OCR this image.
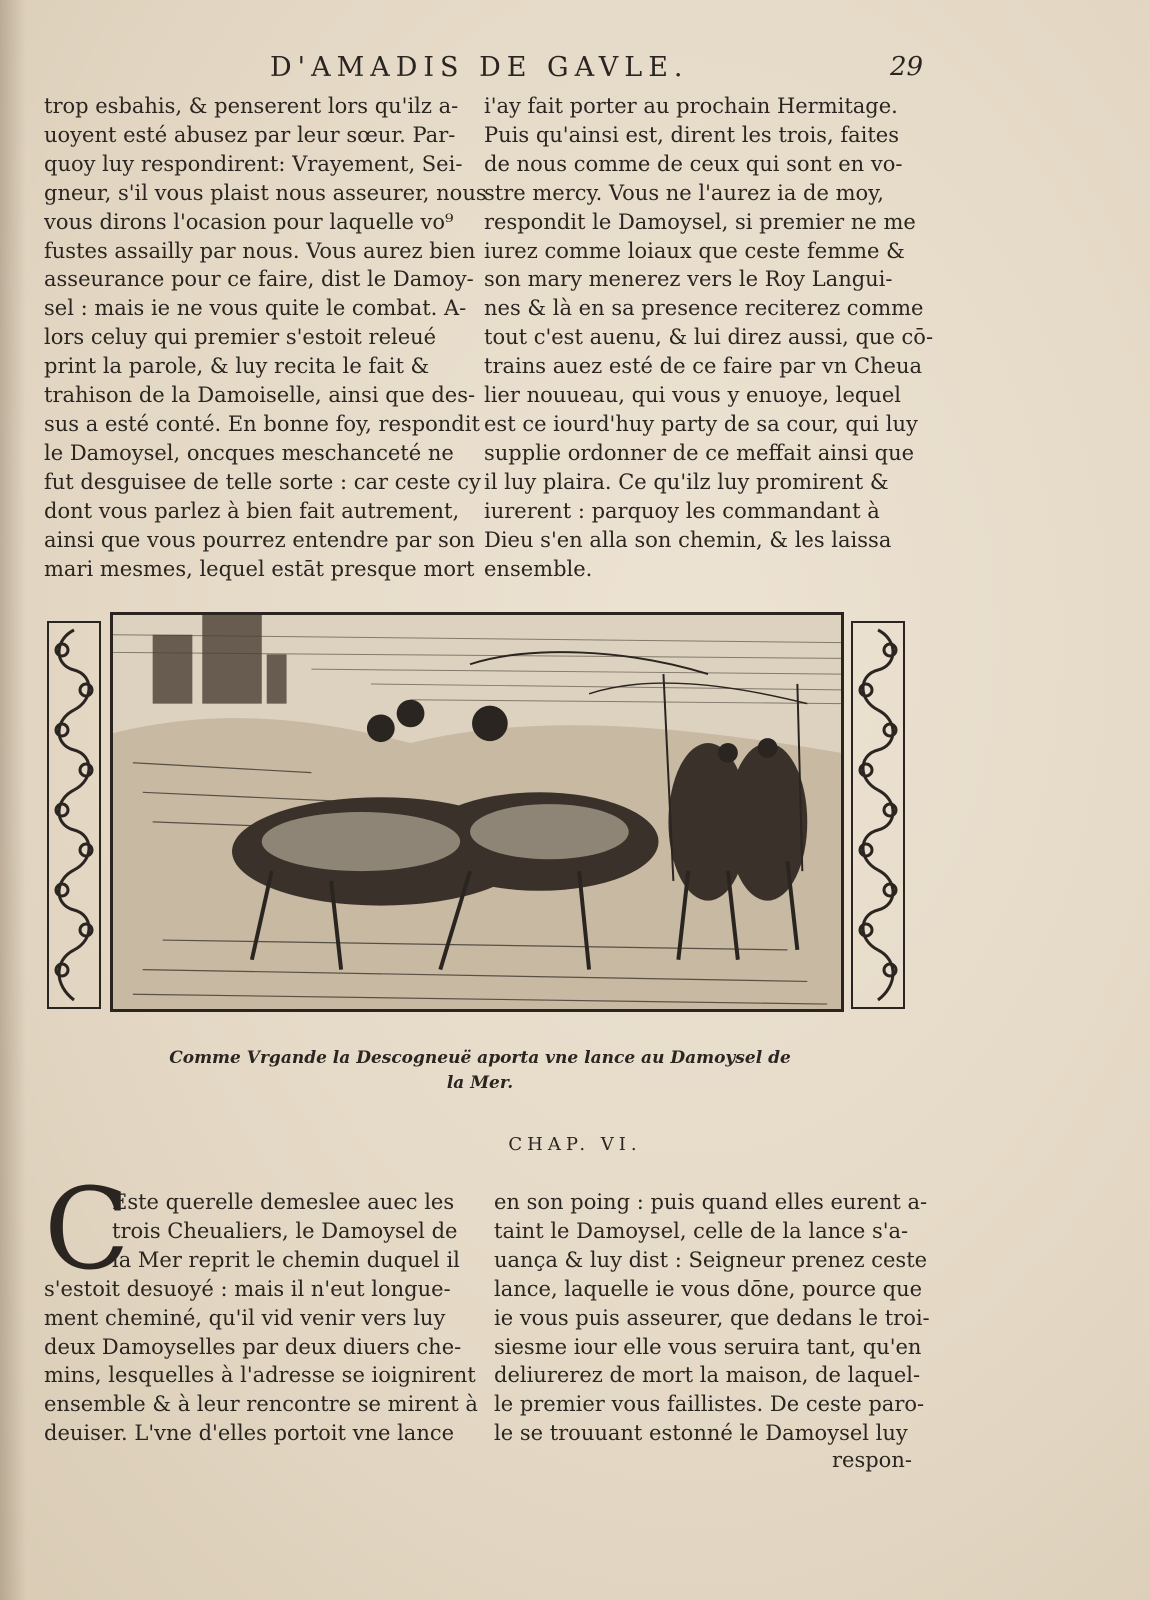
D'AMADIS DE GAVLE.	29
trop esbahis, & penserent lors qu'ilz a-
uoyent esté abusez par leur sœur. Par-
quoy luy respondirent: Vrayement, Sei-
gneur, s'il vous plaist nous asseurer, nous
vous dirons l'ocasion pour laquelle vo⁹
fustes assailly par nous. Vous aurez bien
asseurance pour ce faire, dist le Damoy-
sel : mais ie ne vous quite le combat. A-
lors celuy qui premier s'estoit releué
print la parole, & luy recita le fait &
trahison de la Damoiselle, ainsi que des-
sus a esté conté. En bonne foy, respondit
le Damoysel, oncques meschanceté ne
fut desguisee de telle sorte : car ceste cy
dont vous parlez à bien fait autrement,
ainsi que vous pourrez entendre par son
mari mesmes, lequel estāt presque mort
i'ay fait porter au prochain Hermitage.
Puis qu'ainsi est, dirent les trois, faites
de nous comme de ceux qui sont en vo-
stre mercy. Vous ne l'aurez ia de moy,
respondit le Damoysel, si premier ne me
iurez comme loiaux que ceste femme &
son mary menerez vers le Roy Langui-
nes & là en sa presence reciterez comme
tout c'est auenu, & lui direz aussi, que cō-
trains auez esté de ce faire par vn Cheua
lier nouueau, qui vous y enuoye, lequel
est ce iourd'huy party de sa cour, qui luy
supplie ordonner de ce meffait ainsi que
il luy plaira. Ce qu'ilz luy promirent &
iurerent : parquoy les commandant à
Dieu s'en alla son chemin, & les laissa
ensemble.
Comme Vrgande la Descogneuë aporta vne lance au Damoysel de
la Mer.
CHAP. VI.
C
Este querelle demeslee auec les
trois Cheualiers, le Damoysel de
la Mer reprit le chemin duquel il
s'estoit desuoyé : mais il n'eut longue-
ment cheminé, qu'il vid venir vers luy
deux Damoyselles par deux diuers che-
mins, lesquelles à l'adresse se ioignirent
ensemble & à leur rencontre se mirent à
deuiser. L'vne d'elles portoit vne lance
en son poing : puis quand elles eurent a-
taint le Damoysel, celle de la lance s'a-
uança & luy dist : Seigneur prenez ceste
lance, laquelle ie vous dōne, pource que
ie vous puis asseurer, que dedans le troi-
siesme iour elle vous seruira tant, qu'en
deliurerez de mort la maison, de laquel-
le premier vous faillistes. De ceste paro-
le se trouuant estonné le Damoysel luy
respon-
